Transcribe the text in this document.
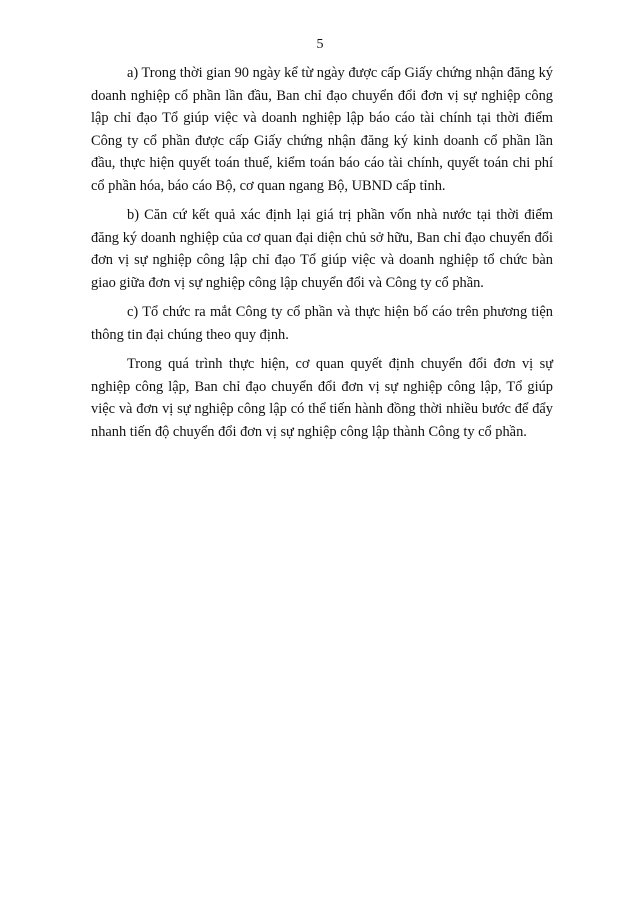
5

a) Trong thời gian 90 ngày kể từ ngày được cấp Giấy chứng nhận đăng ký doanh nghiệp cổ phần lần đầu, Ban chỉ đạo chuyển đổi đơn vị sự nghiệp công lập chỉ đạo Tổ giúp việc và doanh nghiệp lập báo cáo tài chính tại thời điểm Công ty cổ phần được cấp Giấy chứng nhận đăng ký kinh doanh cổ phần lần đầu, thực hiện quyết toán thuế, kiểm toán báo cáo tài chính, quyết toán chi phí cổ phần hóa, báo cáo Bộ, cơ quan ngang Bộ, UBND cấp tỉnh.

b) Căn cứ kết quả xác định lại giá trị phần vốn nhà nước tại thời điểm đăng ký doanh nghiệp của cơ quan đại diện chủ sở hữu, Ban chỉ đạo chuyển đổi đơn vị sự nghiệp công lập chỉ đạo Tổ giúp việc và doanh nghiệp tổ chức bàn giao giữa đơn vị sự nghiệp công lập chuyển đổi và Công ty cổ phần.

c) Tổ chức ra mắt Công ty cổ phần và thực hiện bố cáo trên phương tiện thông tin đại chúng theo quy định.

Trong quá trình thực hiện, cơ quan quyết định chuyển đổi đơn vị sự nghiệp công lập, Ban chỉ đạo chuyển đổi đơn vị sự nghiệp công lập, Tổ giúp việc và đơn vị sự nghiệp công lập có thể tiến hành đồng thời nhiều bước để đẩy nhanh tiến độ chuyển đổi đơn vị sự nghiệp công lập thành Công ty cổ phần.
